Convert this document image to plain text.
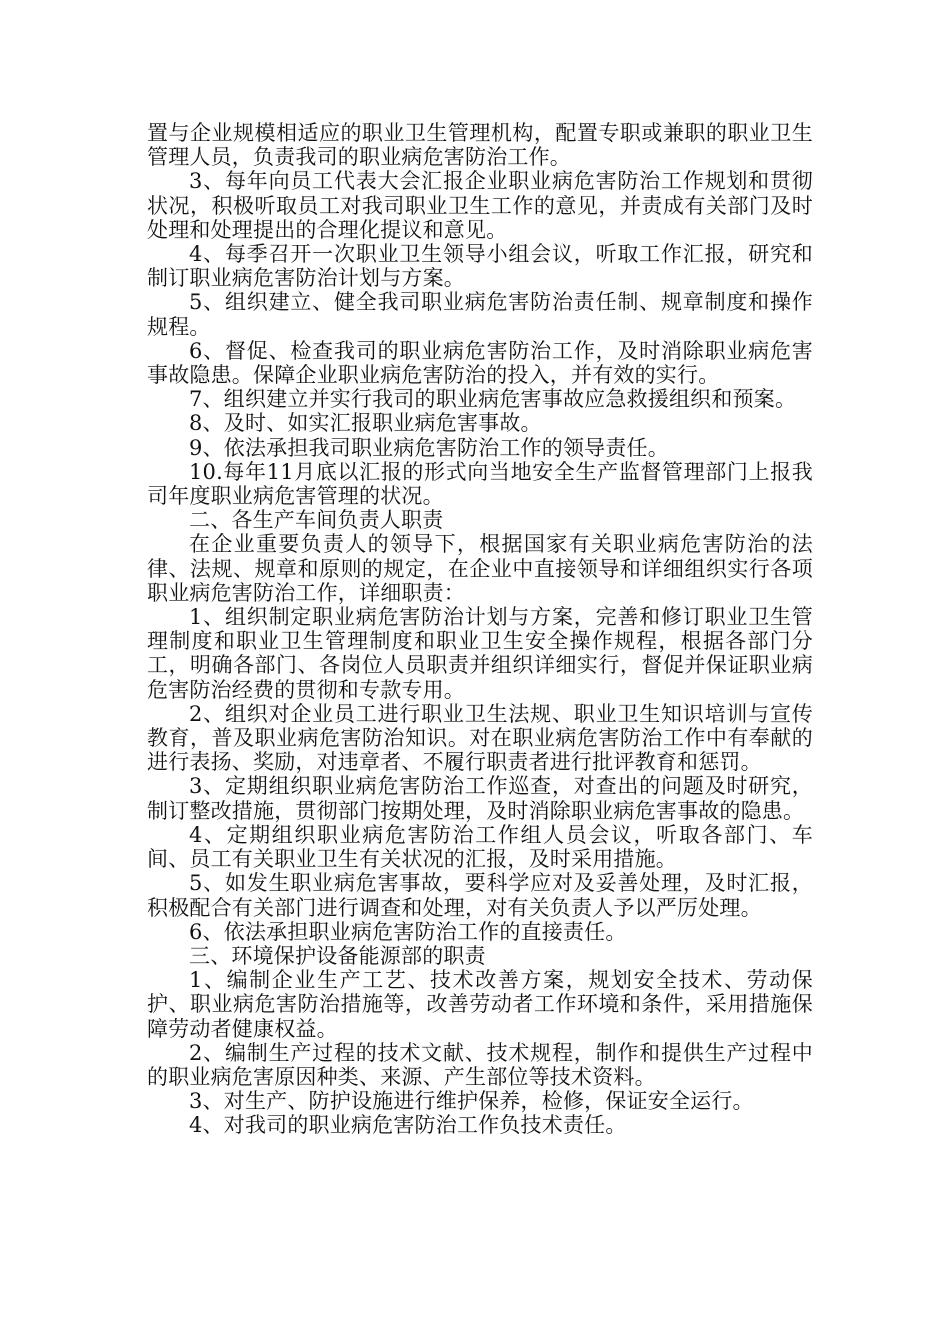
置与企业规模相适应的职业卫生管理机构，配置专职或兼职的职业卫生管理人员，负责我司的职业病危害防治工作。

3、每年向员工代表大会汇报企业职业病危害防治工作规划和贯彻状况，积极听取员工对我司职业卫生工作的意见，并责成有关部门及时处理和处理提出的合理化提议和意见。

4、每季召开一次职业卫生领导小组会议，听取工作汇报，研究和制订职业病危害防治计划与方案。

5、组织建立、健全我司职业病危害防治责任制、规章制度和操作规程。

6、督促、检查我司的职业病危害防治工作，及时消除职业病危害事故隐患。保障企业职业病危害防治的投入，并有效的实行。

7、组织建立并实行我司的职业病危害事故应急救援组织和预案。

8、及时、如实汇报职业病危害事故。

9、依法承担我司职业病危害防治工作的领导责任。

10.每年11月底以汇报的形式向当地安全生产监督管理部门上报我司年度职业病危害管理的状况。

二、各生产车间负责人职责

在企业重要负责人的领导下，根据国家有关职业病危害防治的法律、法规、规章和原则的规定，在企业中直接领导和详细组织实行各项职业病危害防治工作，详细职责：

1、组织制定职业病危害防治计划与方案，完善和修订职业卫生管理制度和职业卫生管理制度和职业卫生安全操作规程，根据各部门分工，明确各部门、各岗位人员职责并组织详细实行，督促并保证职业病危害防治经费的贯彻和专款专用。

2、组织对企业员工进行职业卫生法规、职业卫生知识培训与宣传教育，普及职业病危害防治知识。对在职业病危害防治工作中有奉献的进行表扬、奖励，对违章者、不履行职责者进行批评教育和惩罚。

3、定期组织职业病危害防治工作巡查，对查出的问题及时研究，制订整改措施，贯彻部门按期处理，及时消除职业病危害事故的隐患。

4、定期组织职业病危害防治工作组人员会议，听取各部门、车间、员工有关职业卫生有关状况的汇报，及时采用措施。

5、如发生职业病危害事故，要科学应对及妥善处理，及时汇报，积极配合有关部门进行调查和处理，对有关负责人予以严厉处理。

6、依法承担职业病危害防治工作的直接责任。

三、环境保护设备能源部的职责

1、编制企业生产工艺、技术改善方案，规划安全技术、劳动保护、职业病危害防治措施等，改善劳动者工作环境和条件，采用措施保障劳动者健康权益。

2、编制生产过程的技术文献、技术规程，制作和提供生产过程中的职业病危害原因种类、来源、产生部位等技术资料。

3、对生产、防护设施进行维护保养，检修，保证安全运行。

4、对我司的职业病危害防治工作负技术责任。
